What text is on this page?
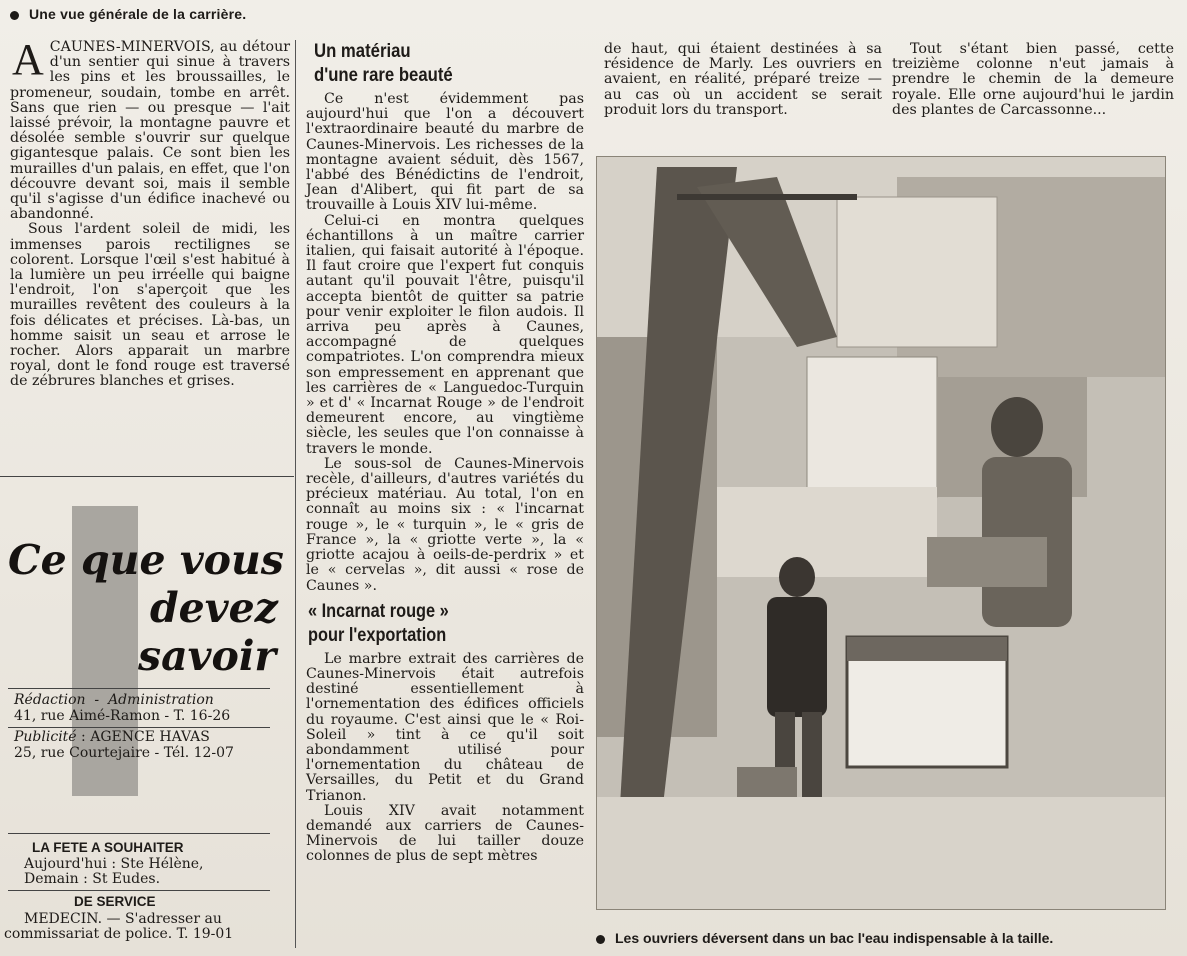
Une vue générale de la carrière.

ACAUNES-MINERVOIS, au détour d'un sentier qui sinue à travers les pins et les broussailles, le promeneur, soudain, tombe en arrêt. Sans que rien — ou presque — l'ait laissé prévoir, la montagne pauvre et désolée semble s'ouvrir sur quelque gigantesque palais. Ce sont bien les murailles d'un palais, en effet, que l'on découvre devant soi, mais il semble qu'il s'agisse d'un édifice inachevé ou abandonné.

Sous l'ardent soleil de midi, les immenses parois rectilignes se colorent. Lorsque l'œil s'est habitué à la lumière un peu irréelle qui baigne l'endroit, l'on s'aperçoit que les murailles revêtent des couleurs à la fois délicates et précises. Là-bas, un homme saisit un seau et arrose le rocher. Alors apparait un marbre royal, dont le fond rouge est traversé de zébrures blanches et grises.

Ce que vous
devez
savoir
Rédaction  -  Administration
41, rue Aimé-Ramon - T. 16-26
Publicité : AGENCE HAVAS
25, rue Courtejaire - Tél. 12-07
LA FETE A SOUHAITER
Aujourd'hui : Ste Hélène,
Demain : St Eudes.
DE SERVICE
MEDECIN. — S'adresser au
commissariat de police. T. 19-01
Un matériau
d'une rare beauté

Ce n'est évidemment pas aujourd'hui que l'on a découvert l'extraordinaire beauté du marbre de Caunes-Minervois. Les richesses de la montagne avaient séduit, dès 1567, l'abbé des Bénédictins de l'endroit, Jean d'Alibert, qui fit part de sa trouvaille à Louis XIV lui-même.

Celui-ci en montra quelques échantillons à un maître carrier italien, qui faisait autorité à l'époque. Il faut croire que l'expert fut conquis autant qu'il pouvait l'être, puisqu'il accepta bientôt de quitter sa patrie pour venir exploiter le filon audois. Il arriva peu après à Caunes, accompagné de quelques compatriotes. L'on comprendra mieux son empressement en apprenant que les carrières de « Languedoc-Turquin » et d' « Incarnat Rouge » de l'endroit demeurent encore, au vingtième siècle, les seules que l'on connaisse à travers le monde.

Le sous-sol de Caunes-Minervois recèle, d'ailleurs, d'autres variétés du précieux matériau. Au total, l'on en connaît au moins six : « l'incarnat rouge », le « turquin », le « gris de France », la « griotte verte », la « griotte acajou à oeils-de-perdrix » et le « cervelas », dit aussi « rose de Caunes ».

« Incarnat rouge »
pour l'exportation

Le marbre extrait des carrières de Caunes-Minervois était autrefois destiné essentiellement à l'ornementation des édifices officiels du royaume. C'est ainsi que le « Roi-Soleil » tint à ce qu'il soit abondamment utilisé pour l'ornementation du château de Versailles, du Petit et du Grand Trianon.

Louis XIV avait notamment demandé aux carriers de Caunes-Minervois de lui tailler douze colonnes de plus de sept mètres

de haut, qui étaient destinées à sa résidence de Marly. Les ouvriers en avaient, en réalité, préparé treize — au cas où un accident se serait produit lors du transport.

Tout s'étant bien passé, cette treizième colonne n'eut jamais à prendre le chemin de la demeure royale. Elle orne aujourd'hui le jardin des plantes de Carcassonne...

Les ouvriers déversent dans un bac l'eau indispensable à la taille.
